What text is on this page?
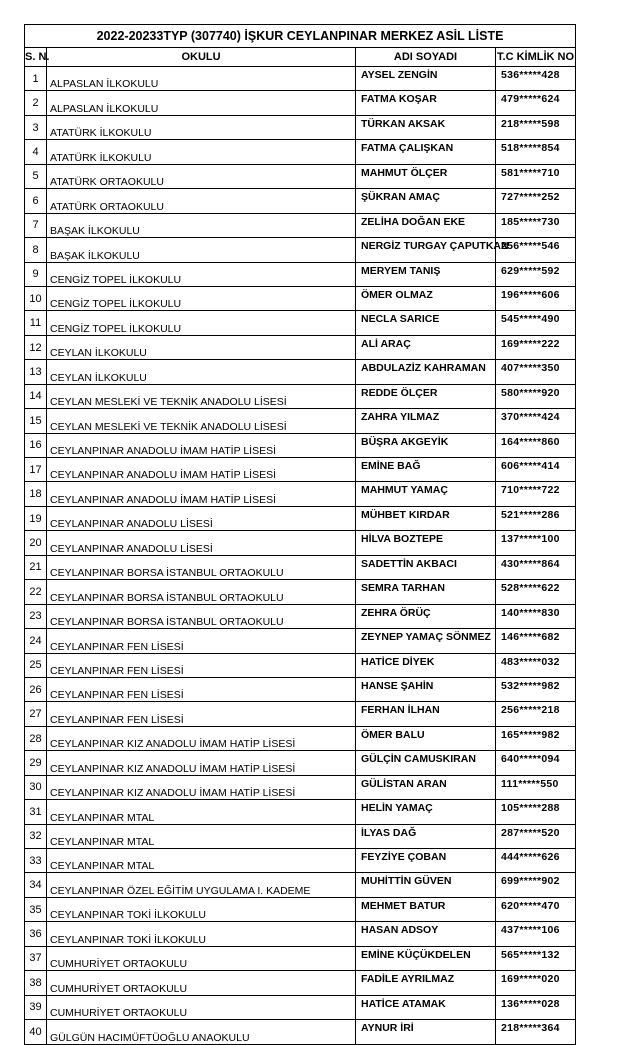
2022-20233TYP (307740) İŞKUR CEYLANPINAR MERKEZ ASİL LİSTE			
S. N.	OKULU	ADI SOYADI	T.C KİMLİK NO
1	ALPASLAN İLKOKULU	AYSEL ZENGİN	536*****428
2	ALPASLAN İLKOKULU	FATMA KOŞAR	479*****624
3	ATATÜRK İLKOKULU	TÜRKAN AKSAK	218*****598
4	ATATÜRK İLKOKULU	FATMA ÇALIŞKAN	518*****854
5	ATATÜRK ORTAOKULU	MAHMUT ÖLÇER	581*****710
6	ATATÜRK ORTAOKULU	ŞÜKRAN AMAÇ	727*****252
7	BAŞAK İLKOKULU	ZELİHA DOĞAN EKE	185*****730
8	BAŞAK İLKOKULU	NERGİZ TURGAY ÇAPUTKAN	256*****546
9	CENGİZ TOPEL İLKOKULU	MERYEM TANIŞ	629*****592
10	CENGİZ TOPEL İLKOKULU	ÖMER OLMAZ	196*****606
11	CENGİZ TOPEL İLKOKULU	NECLA SARICE	545*****490
12	CEYLAN İLKOKULU	ALİ ARAÇ	169*****222
13	CEYLAN İLKOKULU	ABDULAZİZ KAHRAMAN	407*****350
14	CEYLAN MESLEKİ VE TEKNİK ANADOLU LİSESİ	REDDE ÖLÇER	580*****920
15	CEYLAN MESLEKİ VE TEKNİK ANADOLU LİSESİ	ZAHRA YILMAZ	370*****424
16	CEYLANPINAR ANADOLU İMAM HATİP LİSESİ	BÜŞRA AKGEYİK	164*****860
17	CEYLANPINAR ANADOLU İMAM HATİP LİSESİ	EMİNE BAĞ	606*****414
18	CEYLANPINAR ANADOLU İMAM HATİP LİSESİ	MAHMUT YAMAÇ	710*****722
19	CEYLANPINAR ANADOLU LİSESİ	MÜHBET KIRDAR	521*****286
20	CEYLANPINAR ANADOLU LİSESİ	HİLVA BOZTEPE	137*****100
21	CEYLANPINAR BORSA İSTANBUL ORTAOKULU	SADETTİN AKBACI	430*****864
22	CEYLANPINAR BORSA İSTANBUL ORTAOKULU	SEMRA TARHAN	528*****622
23	CEYLANPINAR BORSA İSTANBUL ORTAOKULU	ZEHRA ÖRÜÇ	140*****830
24	CEYLANPINAR FEN LİSESİ	ZEYNEP YAMAÇ SÖNMEZ	146*****682
25	CEYLANPINAR FEN LİSESİ	HATİCE DİYEK	483*****032
26	CEYLANPINAR FEN LİSESİ	HANSE ŞAHİN	532*****982
27	CEYLANPINAR FEN LİSESİ	FERHAN İLHAN	256*****218
28	CEYLANPINAR KIZ ANADOLU İMAM HATİP LİSESİ	ÖMER BALU	165*****982
29	CEYLANPINAR KIZ ANADOLU İMAM HATİP LİSESİ	GÜLÇİN CAMUSKIRAN	640*****094
30	CEYLANPINAR KIZ ANADOLU İMAM HATİP LİSESİ	GÜLİSTAN ARAN	111*****550
31	CEYLANPINAR MTAL	HELİN YAMAÇ	105*****288
32	CEYLANPINAR MTAL	İLYAS DAĞ	287*****520
33	CEYLANPINAR MTAL	FEYZİYE ÇOBAN	444*****626
34	CEYLANPINAR ÖZEL EĞİTİM UYGULAMA I. KADEME	MUHİTTİN GÜVEN	699*****902
35	CEYLANPINAR TOKİ İLKOKULU	MEHMET BATUR	620*****470
36	CEYLANPINAR TOKİ İLKOKULU	HASAN ADSOY	437*****106
37	CUMHURİYET ORTAOKULU	EMİNE KÜÇÜKDELEN	565*****132
38	CUMHURİYET ORTAOKULU	FADİLE AYRILMAZ	169*****020
39	CUMHURİYET ORTAOKULU	HATİCE ATAMAK	136*****028
40	GÜLGÜN HACIMÜFTÜOĞLU ANAOKULU	AYNUR İRİ	218*****364
